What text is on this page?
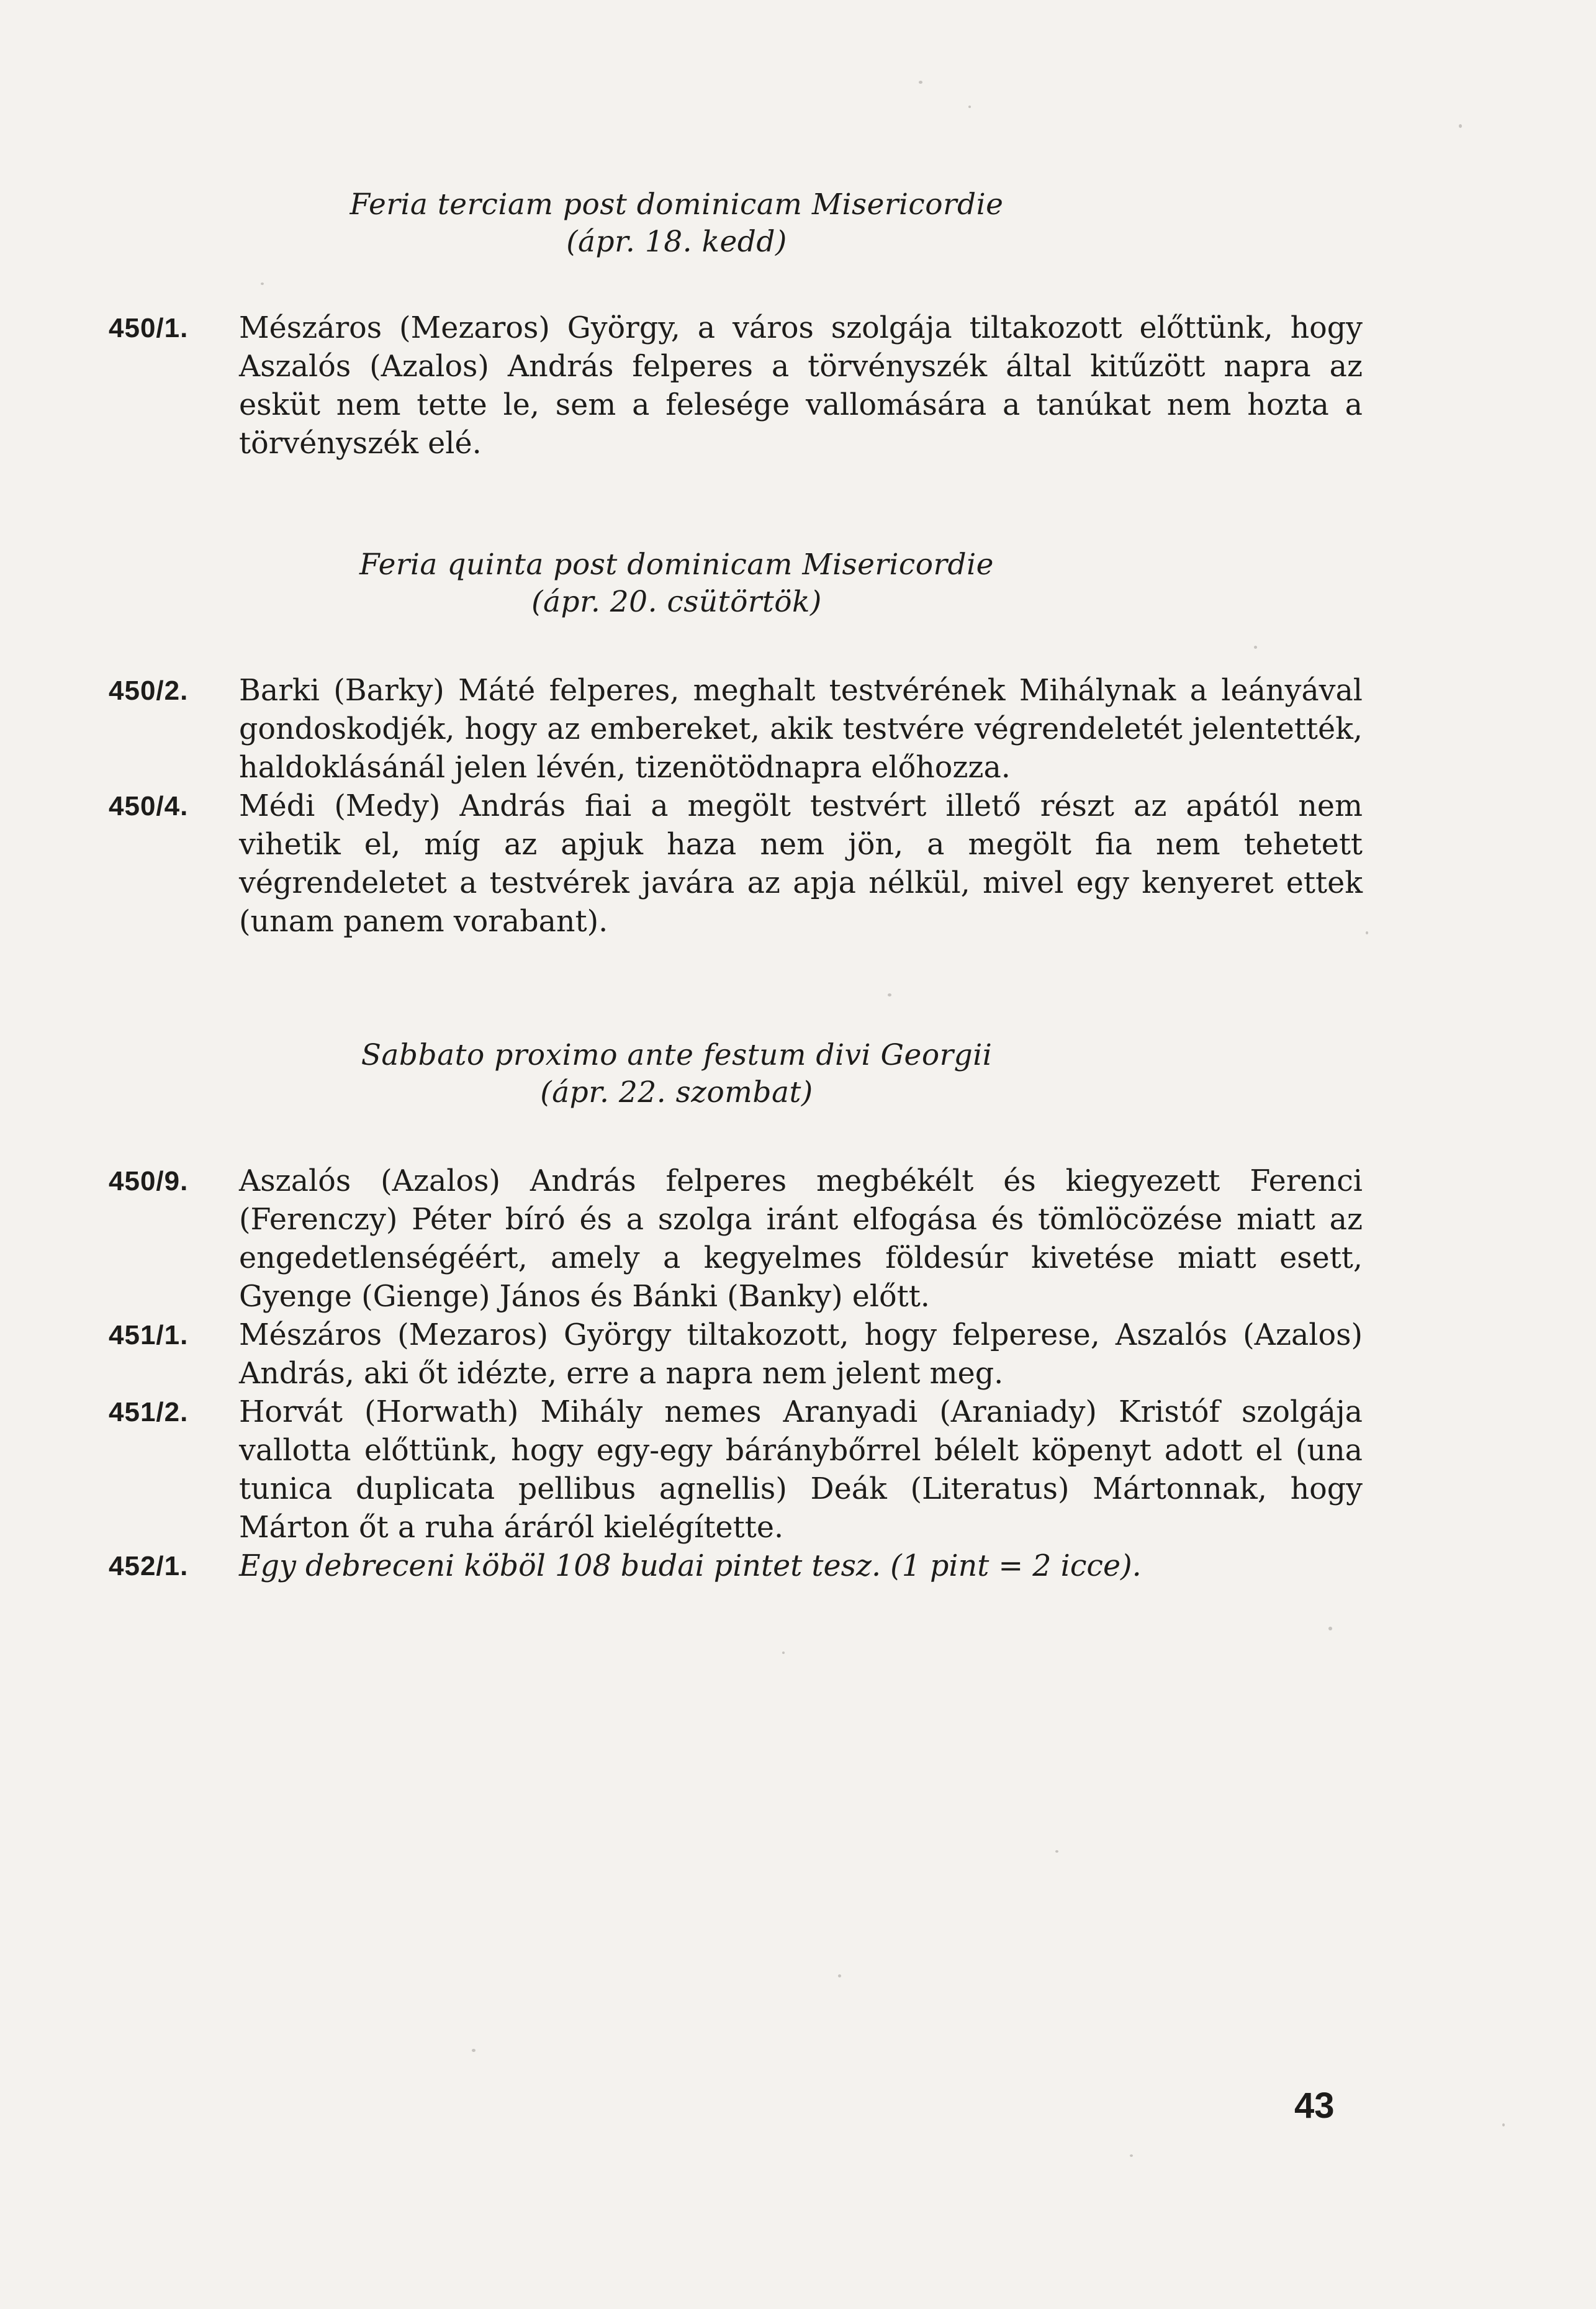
Feria terciam post dominicam Misericordie
(ápr. 18. kedd)
450/1. Mészáros (Mezaros) György, a város szolgája tiltakozott előttünk, hogy Aszalós (Azalos) András felperes a törvényszék által kitűzött napra az esküt nem tette le, sem a felesége vallomására a tanúkat nem hozta a törvényszék elé.
Feria quinta post dominicam Misericordie
(ápr. 20. csütörtök)
450/2. Barki (Barky) Máté felperes, meghalt testvérének Mihálynak a leányával gondoskodjék, hogy az embereket, akik testvére végrendeletét jelentették, haldoklásánál jelen lévén, tizenötödnapra előhozza.
450/4. Médi (Medy) András fiai a megölt testvért illető részt az apától nem vihetik el, míg az apjuk haza nem jön, a megölt fia nem tehetett végrendeletet a testvérek javára az apja nélkül, mivel egy kenyeret ettek (unam panem vorabant).
Sabbato proximo ante festum divi Georgii
(ápr. 22. szombat)
450/9. Aszalós (Azalos) András felperes megbékélt és kiegyezett Ferenci (Ferenczy) Péter bíró és a szolga iránt elfogása és tömlöcözése miatt az engedetlenségéért, amely a kegyelmes földesúr kivetése miatt esett, Gyenge (Gienge) János és Bánki (Banky) előtt.
451/1. Mészáros (Mezaros) György tiltakozott, hogy felperese, Aszalós (Azalos) András, aki őt idézte, erre a napra nem jelent meg.
451/2. Horvát (Horwath) Mihály nemes Aranyadi (Araniady) Kristóf szolgája vallotta előttünk, hogy egy-egy báránybőrrel bélelt köpenyt adott el (una tunica duplicata pellibus agnellis) Deák (Literatus) Mártonnak, hogy Márton őt a ruha áráról kielégítette.
452/1. Egy debreceni köböl 108 budai pintet tesz. (1 pint = 2 icce).
43
